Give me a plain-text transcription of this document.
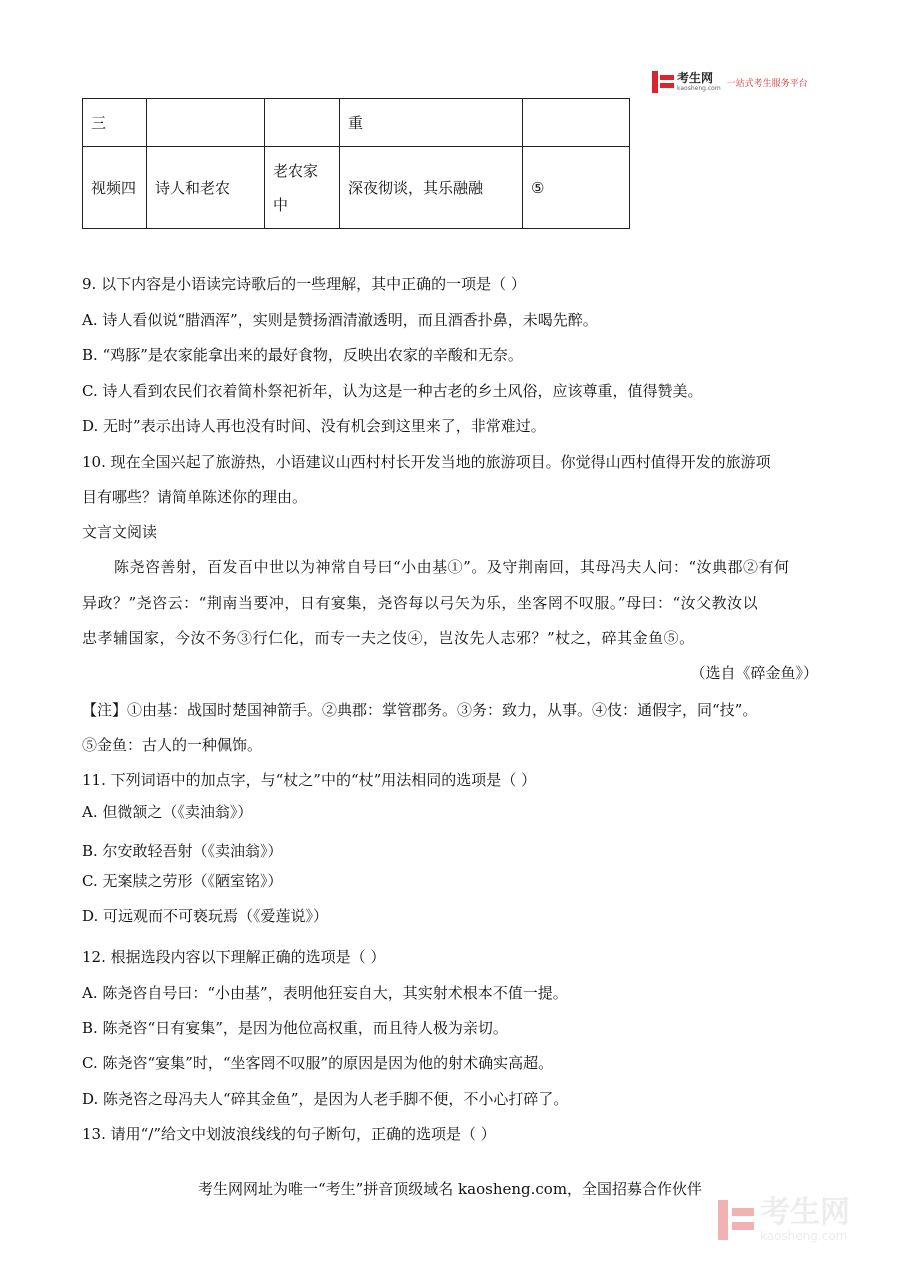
考生网
kaosheng.com 一站式考生服务平台
三			重	
视频四	诗人和老农	老农家中	深夜彻谈，其乐融融	⑤
9. 以下内容是小语读完诗歌后的一些理解，其中正确的一项是（ ）
A. 诗人看似说“腊酒浑”，实则是赞扬酒清澈透明，而且酒香扑鼻，未喝先醉。
B. “鸡豚”是农家能拿出来的最好食物，反映出农家的辛酸和无奈。
C. 诗人看到农民们衣着简朴祭祀祈年，认为这是一种古老的乡土风俗，应该尊重，值得赞美。
D. 无时”表示出诗人再也没有时间、没有机会到这里来了，非常难过。
10. 现在全国兴起了旅游热，小语建议山西村村长开发当地的旅游项目。你觉得山西村值得开发的旅游项
目有哪些？请简单陈述你的理由。
文言文阅读
陈尧咨善射，百发百中世以为神常自号曰“小由基①”。及守荆南回，其母冯夫人问：“汝典郡②有何
异政？”尧咨云：“荆南当要冲，日有宴集，尧咨每以弓矢为乐，坐客罔不叹服。”母曰：“汝父教汝以
忠孝辅国家，今汝不务③行仁化，而专一夫之伎④，岂汝先人志邪？”杖之，碎其金鱼⑤。
（选自《碎金鱼》）
【注】①由基：战国时楚国神箭手。②典郡：掌管郡务。③务：致力，从事。④伎：通假字，同“技”。
⑤金鱼：古人的一种佩饰。
11. 下列词语中的加点字，与“杖之”中的“杖”用法相同的选项是（ ）
A. 但微颔之（《卖油翁》）
B. 尔安敢轻吾射（《卖油翁》）
C. 无案牍之劳形（《陋室铭》）
D. 可远观而不可亵玩焉（《爱莲说》）
12. 根据选段内容以下理解正确的选项是（ ）
A. 陈尧咨自号曰：“小由基”，表明他狂妄自大，其实射术根本不值一提。
B. 陈尧咨“日有宴集”，是因为他位高权重，而且待人极为亲切。
C. 陈尧咨“宴集”时，“坐客罔不叹服”的原因是因为他的射术确实高超。
D. 陈尧咨之母冯夫人“碎其金鱼”，是因为人老手脚不便，不小心打碎了。
13. 请用“/”给文中划波浪线线的句子断句，正确的选项是（ ）
考生网网址为唯一“考生”拼音顶级域名 kaosheng.com，全国招募合作伙伴
考生网
kaosheng.com
